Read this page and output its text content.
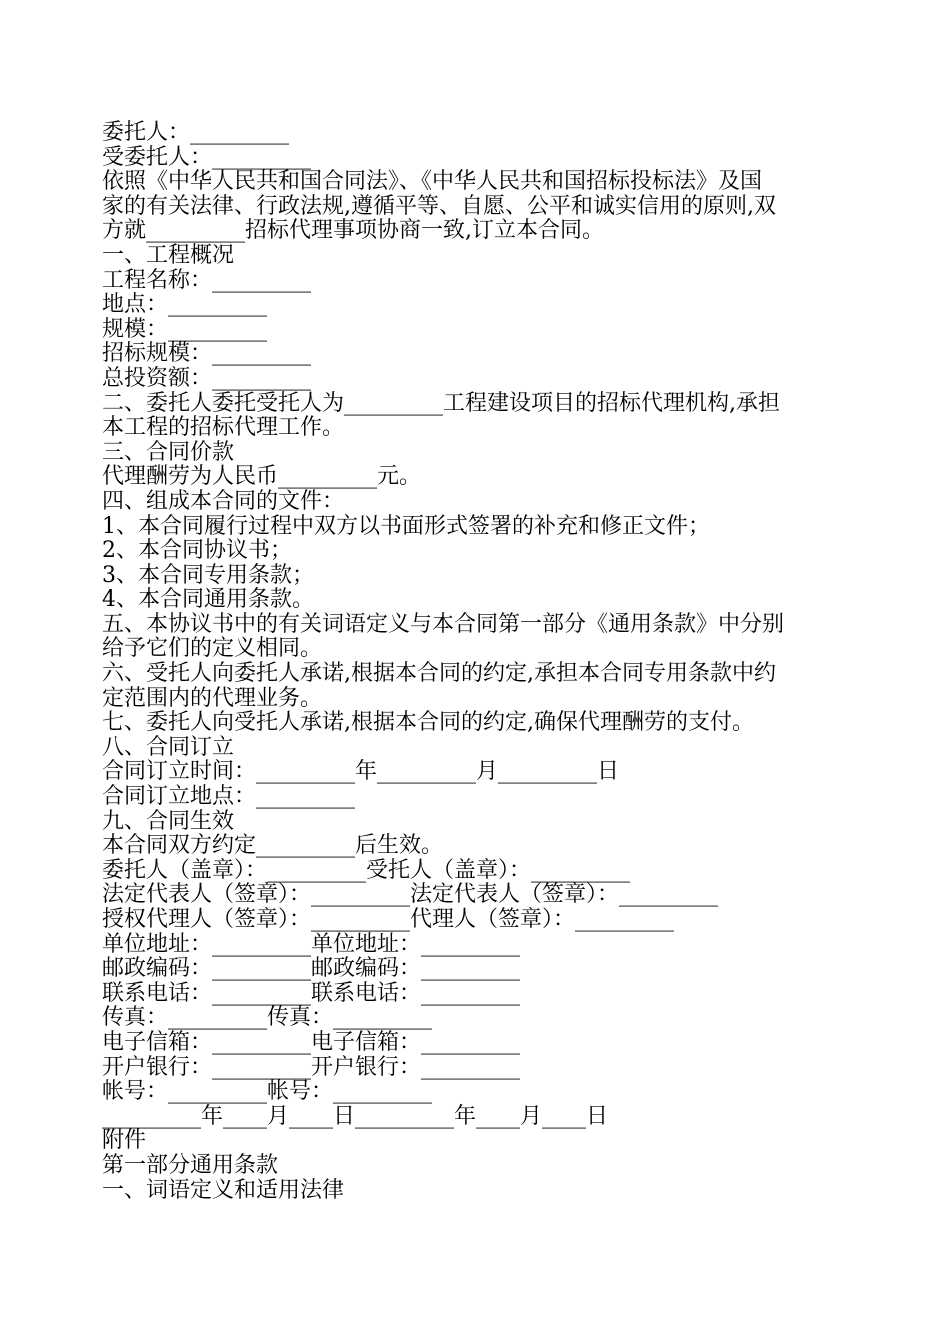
委托人：_________

受委托人：_________

依照《中华人民共和国合同法》、《中华人民共和国招标投标法》及国

家的有关法律、行政法规,遵循平等、自愿、公平和诚实信用的原则,双

方就_________招标代理事项协商一致,订立本合同。

一、工程概况

工程名称：_________

地点：_________

规模：_________

招标规模：_________

总投资额：_________

二、委托人委托受托人为_________工程建设项目的招标代理机构,承担

本工程的招标代理工作。

三、合同价款

代理酬劳为人民币_________元。

四、组成本合同的文件：

1、本合同履行过程中双方以书面形式签署的补充和修正文件；

2、本合同协议书；

3、本合同专用条款；

4、本合同通用条款。

五、本协议书中的有关词语定义与本合同第一部分《通用条款》中分别

给予它们的定义相同。

六、受托人向委托人承诺,根据本合同的约定,承担本合同专用条款中约

定范围内的代理业务。

七、委托人向受托人承诺,根据本合同的约定,确保代理酬劳的支付。

八、合同订立

合同订立时间：_________年_________月_________日

合同订立地点：_________

九、合同生效

本合同双方约定_________后生效。

委托人（盖章）：_________受托人（盖章）：_________

法定代表人（签章）：_________法定代表人（签章）：_________

授权代理人（签章）：_________代理人（签章）：_________

单位地址：_________单位地址：_________

邮政编码：_________邮政编码：_________

联系电话：_________联系电话：_________

传真：_________传真：_________

电子信箱：_________电子信箱：_________

开户银行：_________开户银行：_________

帐号：_________帐号：_________

_________年____月____日_________年____月____日

附件

第一部分通用条款

一、词语定义和适用法律
